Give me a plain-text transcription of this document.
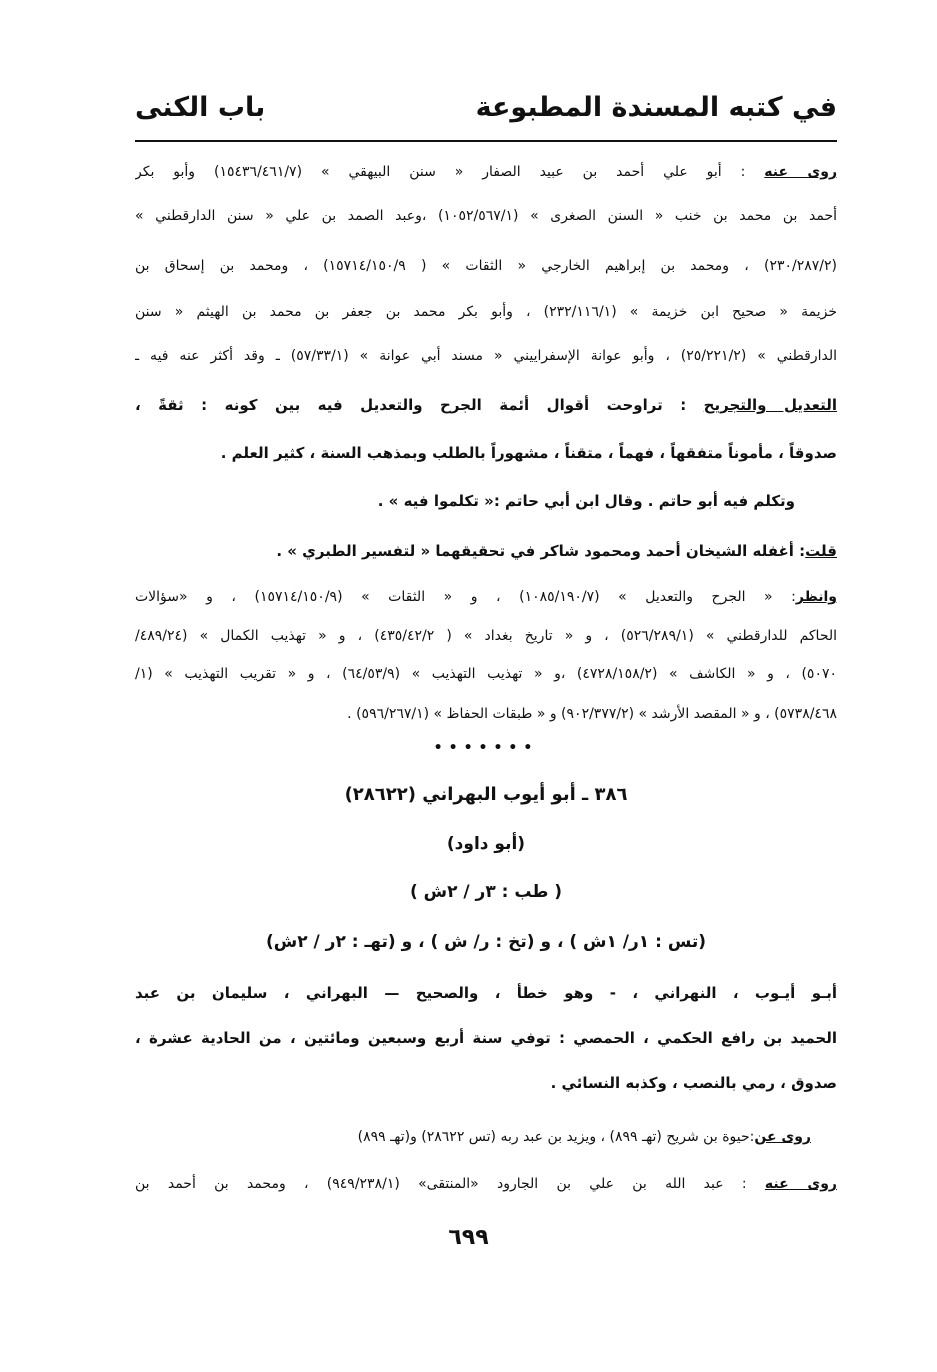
في كتبه المسندة المطبوعة
باب الكنى
روى عنه : أبو علي أحمد بن عبيد الصفار « سنن البيهقي » (١٥٤٣٦/٤٦١/٧) وأبو بكر
أحمد بن محمد بن خنب « السنن الصغرى » (١٠٥٢/٥٦٧/١) ،وعبد الصمد بن علي « سنن الدارقطني »
(٢٣٠/٢٨٧/٢) ، ومحمد بن إبراهيم الخارجي « الثقات » ( ١٥٧١٤/١٥٠/٩) ، ومحمد بن إسحاق بن
خزيمة « صحيح ابن خزيمة » (٢٣٢/١١٦/١) ، وأبو بكر محمد بن جعفر بن محمد بن الهيثم « سنن
الدارقطني » (٢٥/٢٢١/٢) ، وأبو عوانة الإسفراييني « مسند أبي عوانة » (٥٧/٣٣/١) ـ وقد أكثر عنه فيه ـ
التعديل والتجريح : تراوحت أقوال أئمة الجرح والتعديل فيه بين كونه : ثقةً ،
صدوقاً ، مأموناً متفقهاً ، فهماً ، متقناً ، مشهوراً بالطلب وبمذهب السنة ، كثير العلم .
وتكلم فيه أبو حاتم . وقال ابن أبي حاتم :« تكلموا فيه » .
قلت: أغفله الشيخان أحمد ومحمود شاكر في تحقيقهما « لتفسير الطبري » .
وانظر: « الجرح والتعديل » (١٠٨٥/١٩٠/٧) ، و « الثقات » (١٥٧١٤/١٥٠/٩) ، و «سؤالات
الحاكم للدارقطني » (٥٢٦/٢٨٩/١) ، و « تاريخ بغداد » ( ٤٣٥/٤٢/٢) ، و « تهذيب الكمال » (٤٨٩/٢٤/
٥٠٧٠) ، و « الكاشف » (٤٧٢٨/١٥٨/٢) ،و « تهذيب التهذيب » (٦٤/٥٣/٩) ، و « تقريب التهذيب » (١/
٥٧٣٨/٤٦٨) ، و « المقصد الأرشد » (٩٠٢/٣٧٧/٢) و « طبقات الحفاظ » (٥٩٦/٢٦٧/١) .
•••••••
٣٨٦ ـ أبو أيوب البهراني (٢٨٦٢٢)
(أبو داود)
( طب : ٣ر / ٢ش )
(تس : ١ر/ ١ش ) ، و (تخ : ر/ ش ) ، و (تهـ : ٢ر / ٢ش)
أبـو أيـوب ، النهراني ، - وهو خطأ ، والصحيح — البهراني ، سليمان بن عبد
الحميد بن رافع الحكمي ، الحمصي : توفي سنة أربع وسبعين ومائتين ، من الحادية عشرة ،
صدوق ، رمي بالنصب ، وكذبه النسائي .
روى عن:حيوة بن شريح (تهـ ٨٩٩) ، ويزيد بن عبد ربه (تس ٢٨٦٢٢) و(تهـ ٨٩٩)
روى عنه : عبد الله بن علي بن الجارود «المنتقى» (٩٤٩/٢٣٨/١) ، ومحمد بن أحمد بن
٦٩٩
